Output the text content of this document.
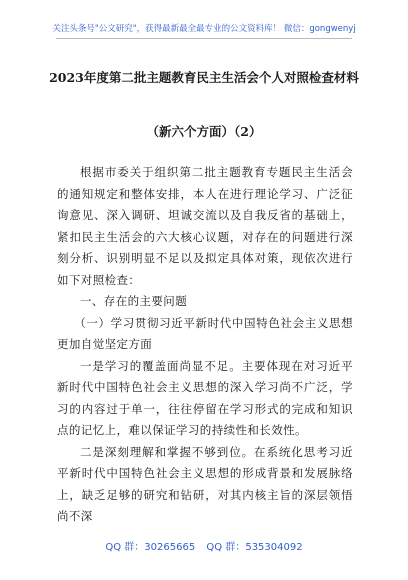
关注头条号"公文研究"，获得最新最全最专业的公文资料库！ 微信：gongwenyj
2023年度第二批主题教育民主生活会个人对照检查材料
（新六个方面）（2）

根据市委关于组织第二批主题教育专题民主生活会的通知规定和整体安排，本人在进行理论学习、广泛征询意见、深入调研、坦诚交流以及自我反省的基础上，紧扣民主生活会的六大核心议题，对存在的问题进行深刻分析、识别明显不足以及拟定具体对策，现依次进行如下对照检查：

一、存在的主要问题

（一）学习贯彻习近平新时代中国特色社会主义思想更加自觉坚定方面

一是学习的覆盖面尚显不足。主要体现在对习近平新时代中国特色社会主义思想的深入学习尚不广泛，学习的内容过于单一，往往停留在学习形式的完成和知识点的记忆上，难以保证学习的持续性和长效性。

二是深刻理解和掌握不够到位。在系统化思考习近平新时代中国特色社会主义思想的形成背景和发展脉络上，缺乏足够的研究和钻研，对其内核主旨的深层领悟尚不深

QQ 群：30265665 QQ 群：535304092
